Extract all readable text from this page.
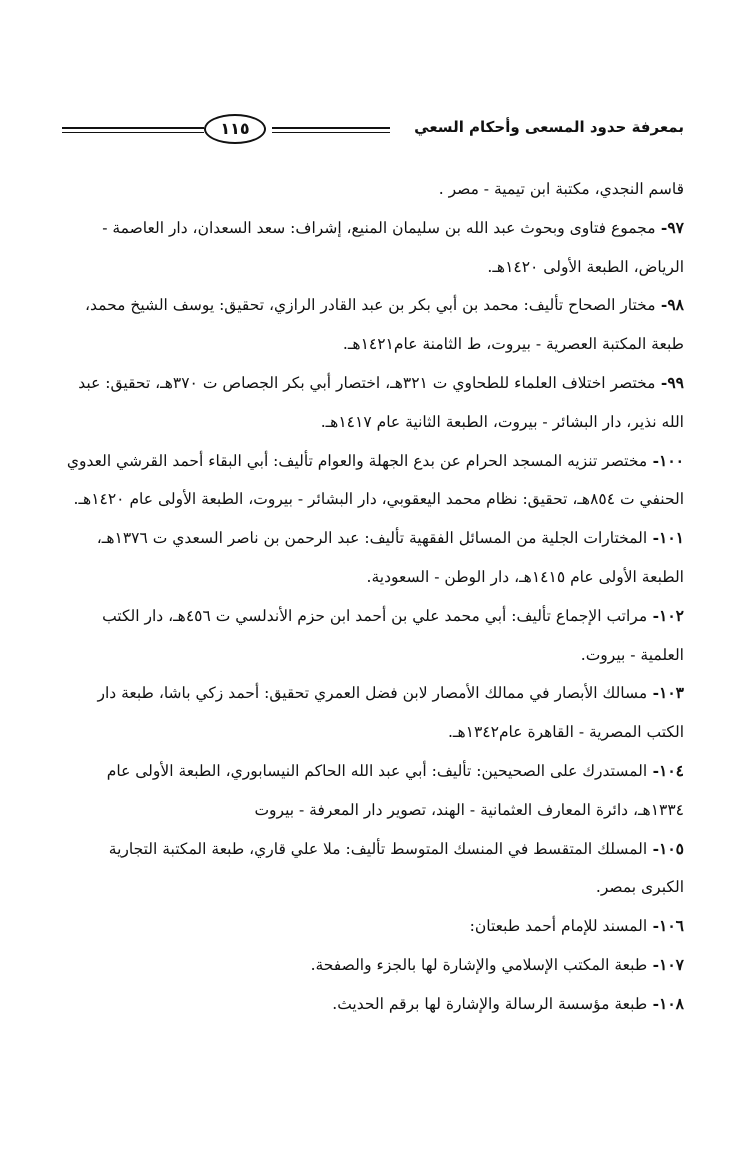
بمعرفة حدود المسعى وأحكام السعي
١١٥

قاسم النجدي، مكتبة ابن تيمية - مصر .

٩٧- مجموع فتاوى وبحوث عبد الله بن سليمان المنيع، إشراف: سعد السعدان، دار العاصمة - الرياض، الطبعة الأولى ١٤٢٠هـ.

٩٨- مختار الصحاح تأليف: محمد بن أبي بكر بن عبد القادر الرازي، تحقيق: يوسف الشيخ محمد، طبعة المكتبة العصرية - بيروت، ط الثامنة عام١٤٢١هـ.

٩٩- مختصر اختلاف العلماء للطحاوي ت ٣٢١هـ، اختصار أبي بكر الجصاص ت ٣٧٠هـ، تحقيق: عبد الله نذير، دار البشائر - بيروت، الطبعة الثانية عام ١٤١٧هـ.

١٠٠- مختصر تنزيه المسجد الحرام عن بدع الجهلة والعوام تأليف: أبي البقاء أحمد القرشي العدوي الحنفي ت ٨٥٤هـ، تحقيق: نظام محمد اليعقوبي، دار البشائر - بيروت، الطبعة الأولى عام ١٤٢٠هـ.

١٠١- المختارات الجلية من المسائل الفقهية تأليف: عبد الرحمن بن ناصر السعدي ت ١٣٧٦هـ، الطبعة الأولى عام ١٤١٥هـ، دار الوطن - السعودية.

١٠٢- مراتب الإجماع تأليف: أبي محمد علي بن أحمد ابن حزم الأندلسي ت ٤٥٦هـ، دار الكتب العلمية - بيروت.

١٠٣- مسالك الأبصار في ممالك الأمصار لابن فضل العمري تحقيق: أحمد زكي باشا، طبعة دار الكتب المصرية - القاهرة عام١٣٤٢هـ.

١٠٤- المستدرك على الصحيحين: تأليف: أبي عبد الله الحاكم النيسابوري، الطبعة الأولى عام ١٣٣٤هـ، دائرة المعارف العثمانية - الهند، تصوير دار المعرفة - بيروت

١٠٥- المسلك المتقسط في المنسك المتوسط تأليف: ملا علي قاري، طبعة المكتبة التجارية الكبرى بمصر.

١٠٦- المسند للإمام أحمد طبعتان:

١٠٧- طبعة المكتب الإسلامي والإشارة لها بالجزء والصفحة.

١٠٨- طبعة مؤسسة الرسالة والإشارة لها برقم الحديث.
